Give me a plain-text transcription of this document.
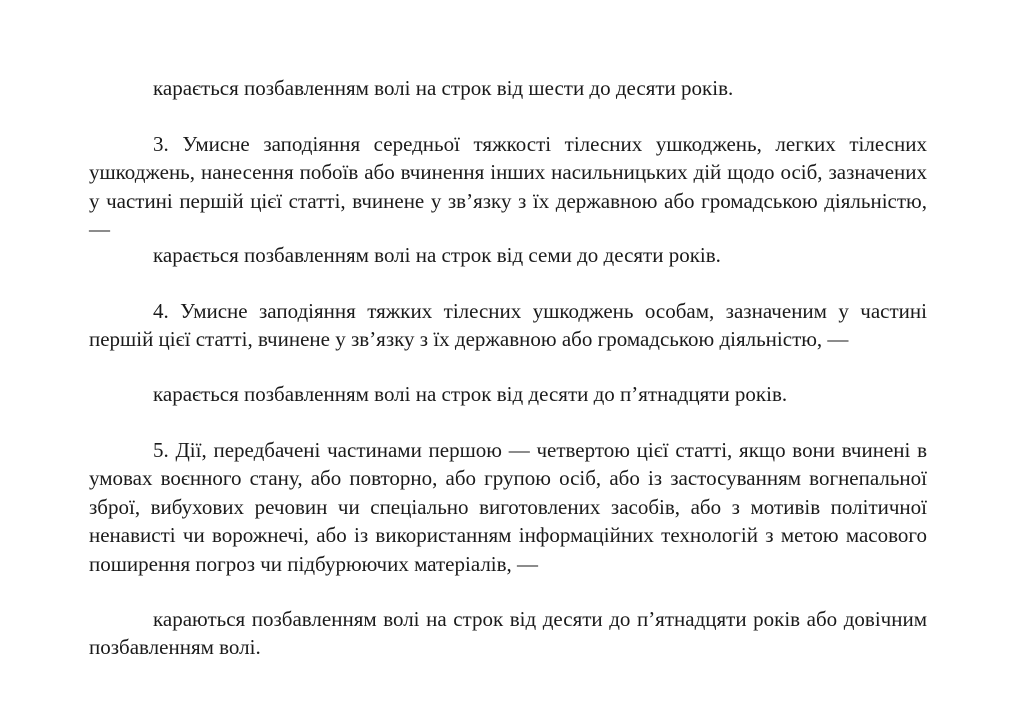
карається позбавленням волі на строк від шести до десяти років.

3. Умисне заподіяння середньої тяжкості тілесних ушкоджень, легких тілесних ушкоджень, нанесення побоїв або вчинення інших насильницьких дій щодо осіб, зазначених у частині першій цієї статті, вчинене у зв’язку з їх державною або громадською діяльністю, —

карається позбавленням волі на строк від семи до десяти років.

4. Умисне заподіяння тяжких тілесних ушкоджень особам, зазначеним у частині першій цієї статті, вчинене у зв’язку з їх державною або громадською діяльністю, —

карається позбавленням волі на строк від десяти до п’ятнадцяти років.

5. Дії, передбачені частинами першою — четвертою цієї статті, якщо вони вчинені в умовах воєнного стану, або повторно, або групою осіб, або із застосуванням вогнепальної зброї, вибухових речовин чи спеціально виготовлених засобів, або з мотивів політичної ненависті чи ворожнечі, або із використанням інформаційних технологій з метою масового поширення погроз чи підбурюючих матеріалів, —

караються позбавленням волі на строк від десяти до п’ятнадцяти років або довічним позбавленням волі.
